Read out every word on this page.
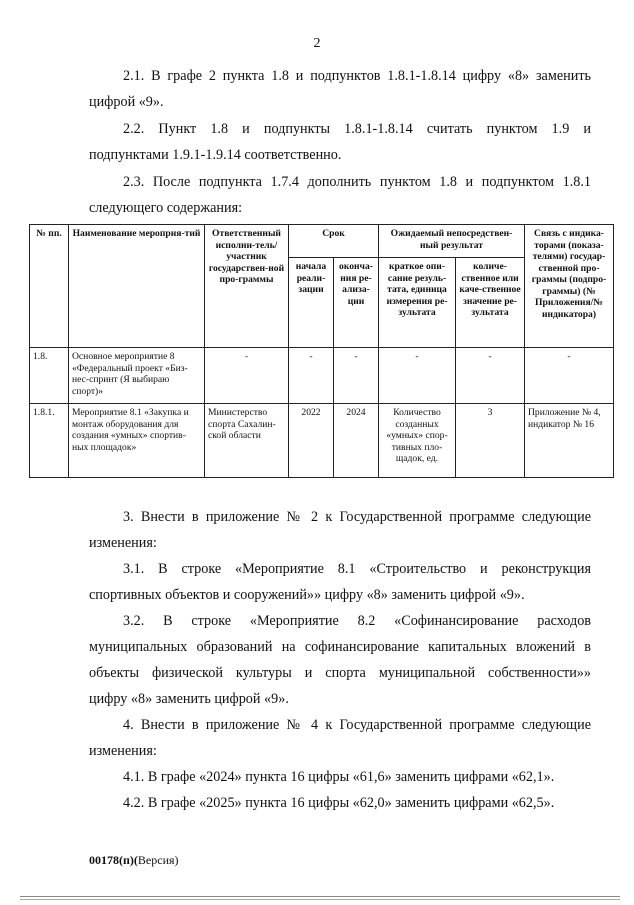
2

2.1. В графе 2 пункта 1.8 и подпунктов 1.8.1-1.8.14 цифру «8» заменить

цифрой «9».

2.2. Пункт 1.8 и подпункты 1.8.1-1.8.14 считать пунктом 1.9 и

подпунктами 1.9.1-1.9.14 соответственно.

2.3. После подпункта 1.7.4 дополнить пунктом 1.8 и подпунктом 1.8.1

следующего содержания:

№ пп.	Наименование мероприя-тий	Ответственный исполни-тель/участник государствен-ной про-граммы	Срок		Ожидаемый непосредствен-ный результат		Связь с индика-торами (показа-телями) государ-ственной про-граммы (подпро-граммы) (№ Приложения/№ индикатора)
			начала реали-зации	оконча-ния ре-ализа-ции	краткое опи-сание резуль-тата, единица измерения ре-зультата	количе-ственное или каче-ственное значение ре-зультата	
1.8.	Основное мероприятие 8 «Федеральный проект «Биз-нес-спринт (Я выбираю спорт)»	-	-	-	-	-	-
1.8.1.	Мероприятие 8.1 «Закупка и монтаж оборудования для создания «умных» спортив-ных площадок»	Министерство спорта Сахалин-ской области	2022	2024	Количество созданных «умных» спор-тивных пло-щадок, ед.	3	Приложение № 4, индикатор № 16

3. Внести в приложение № 2 к Государственной программе следующие

изменения:

3.1. В строке «Мероприятие 8.1 «Строительство и реконструкция

спортивных объектов и сооружений»» цифру «8» заменить цифрой «9».

3.2. В строке «Мероприятие 8.2 «Софинансирование расходов

муниципальных образований на софинансирование капитальных вложений в

объекты физической культуры и спорта муниципальной собственности»»

цифру «8» заменить цифрой «9».

4. Внести в приложение № 4 к Государственной программе следующие

изменения:

4.1. В графе «2024» пункта 16 цифры «61,6» заменить цифрами «62,1».

4.2. В графе «2025» пункта 16 цифры «62,0» заменить цифрами «62,5».

00178(п)(Версия)
